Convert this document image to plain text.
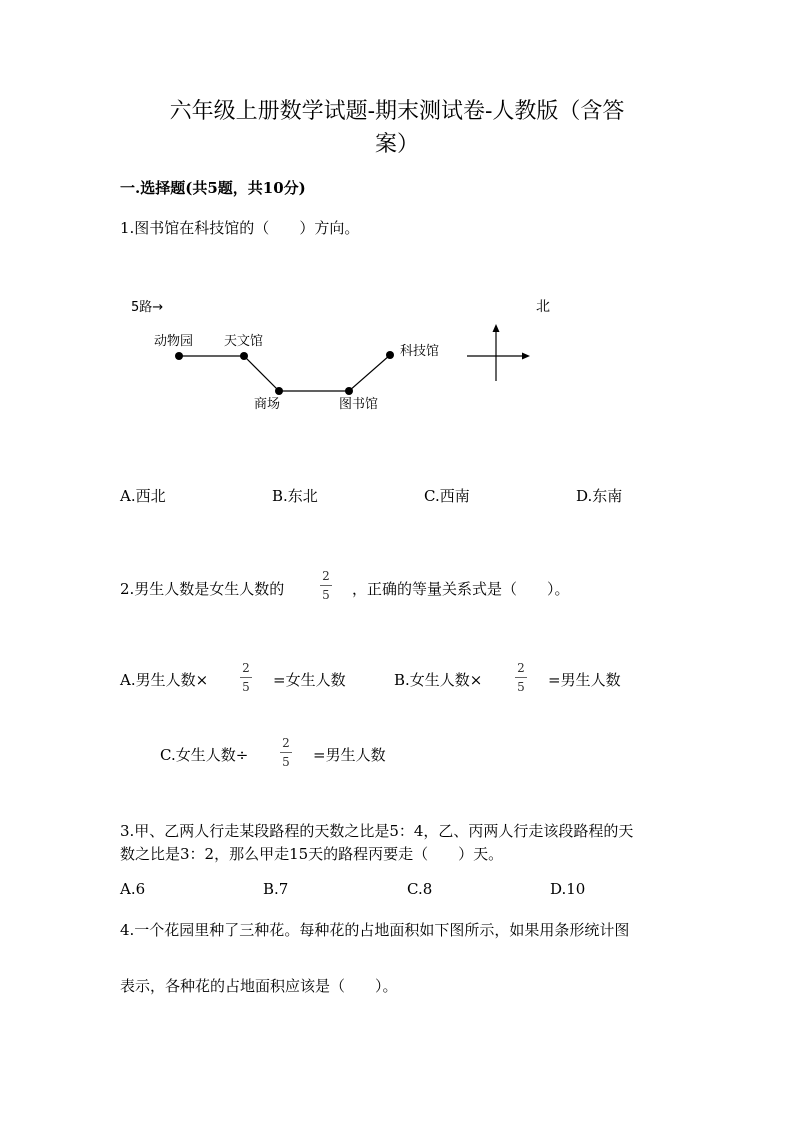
六年级上册数学试题-期末测试卷-人教版（含答
案）
一.选择题(共5题，共10分)
1.图书馆在科技馆的（　　）方向。
5路→	北
动物园 天文馆
商场	图书馆
科技馆
A.西北	B.东北	C.西南	D.东南
2.男生人数是女生人数的
2
5 ，正确的等量关系式是（　　）。
A.男生人数×
2
5 =女生人数	B.女生人数×
2
5 =男生人数
C.女生人数÷
2
5 =男生人数
3.甲、乙两人行走某段路程的天数之比是5：4，乙、丙两人行走该段路程的天
数之比是3：2，那么甲走15天的路程丙要走（　　）天。
A.6	B.7	C.8	D.10
4.一个花园里种了三种花。每种花的占地面积如下图所示，如果用条形统计图
表示，各种花的占地面积应该是（　　）。
